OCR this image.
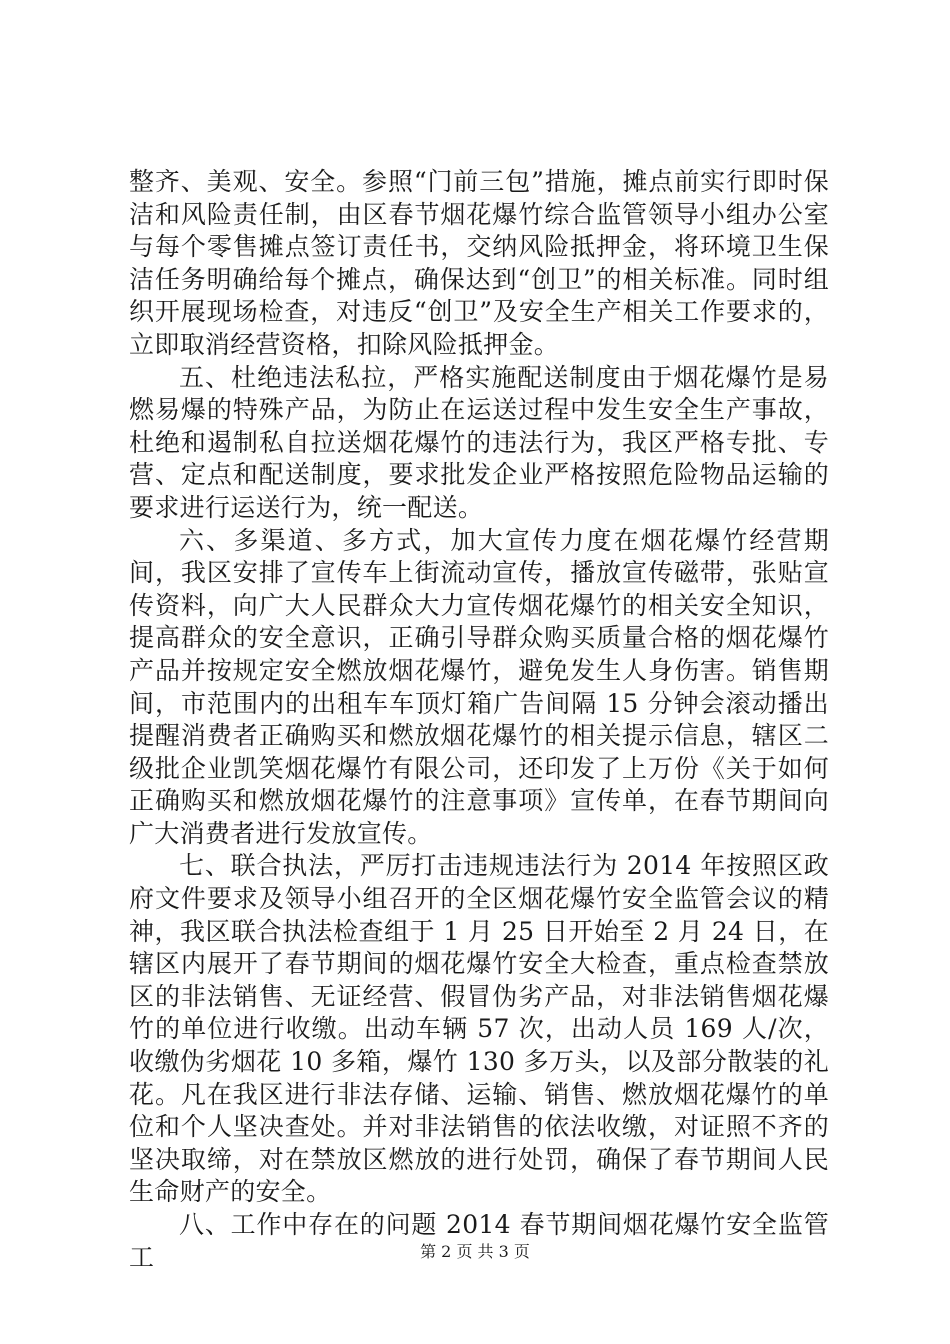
整齐、美观、安全。参照“门前三包”措施，摊点前实行即时保洁和风险责任制，由区春节烟花爆竹综合监管领导小组办公室与每个零售摊点签订责任书，交纳风险抵押金，将环境卫生保洁任务明确给每个摊点，确保达到“创卫”的相关标准。同时组织开展现场检查，对违反“创卫”及安全生产相关工作要求的，立即取消经营资格，扣除风险抵押金。

五、杜绝违法私拉，严格实施配送制度由于烟花爆竹是易燃易爆的特殊产品，为防止在运送过程中发生安全生产事故，杜绝和遏制私自拉送烟花爆竹的违法行为，我区严格专批、专营、定点和配送制度，要求批发企业严格按照危险物品运输的要求进行运送行为，统一配送。

六、多渠道、多方式，加大宣传力度在烟花爆竹经营期间，我区安排了宣传车上街流动宣传，播放宣传磁带，张贴宣传资料，向广大人民群众大力宣传烟花爆竹的相关安全知识，提高群众的安全意识，正确引导群众购买质量合格的烟花爆竹产品并按规定安全燃放烟花爆竹，避免发生人身伤害。销售期间，市范围内的出租车车顶灯箱广告间隔 15 分钟会滚动播出提醒消费者正确购买和燃放烟花爆竹的相关提示信息，辖区二级批企业凯笑烟花爆竹有限公司，还印发了上万份《关于如何正确购买和燃放烟花爆竹的注意事项》宣传单，在春节期间向广大消费者进行发放宣传。

七、联合执法，严厉打击违规违法行为 2014 年按照区政府文件要求及领导小组召开的全区烟花爆竹安全监管会议的精神，我区联合执法检查组于 1 月 25 日开始至 2 月 24 日，在辖区内展开了春节期间的烟花爆竹安全大检查，重点检查禁放区的非法销售、无证经营、假冒伪劣产品，对非法销售烟花爆竹的单位进行收缴。出动车辆 57 次，出动人员 169 人/次，收缴伪劣烟花 10 多箱，爆竹 130 多万头，以及部分散装的礼花。凡在我区进行非法存储、运输、销售、燃放烟花爆竹的单位和个人坚决查处。并对非法销售的依法收缴，对证照不齐的坚决取缔，对在禁放区燃放的进行处罚，确保了春节期间人民生命财产的安全。

八、工作中存在的问题 2014 春节期间烟花爆竹安全监管工	第 2 页 共 3 页
